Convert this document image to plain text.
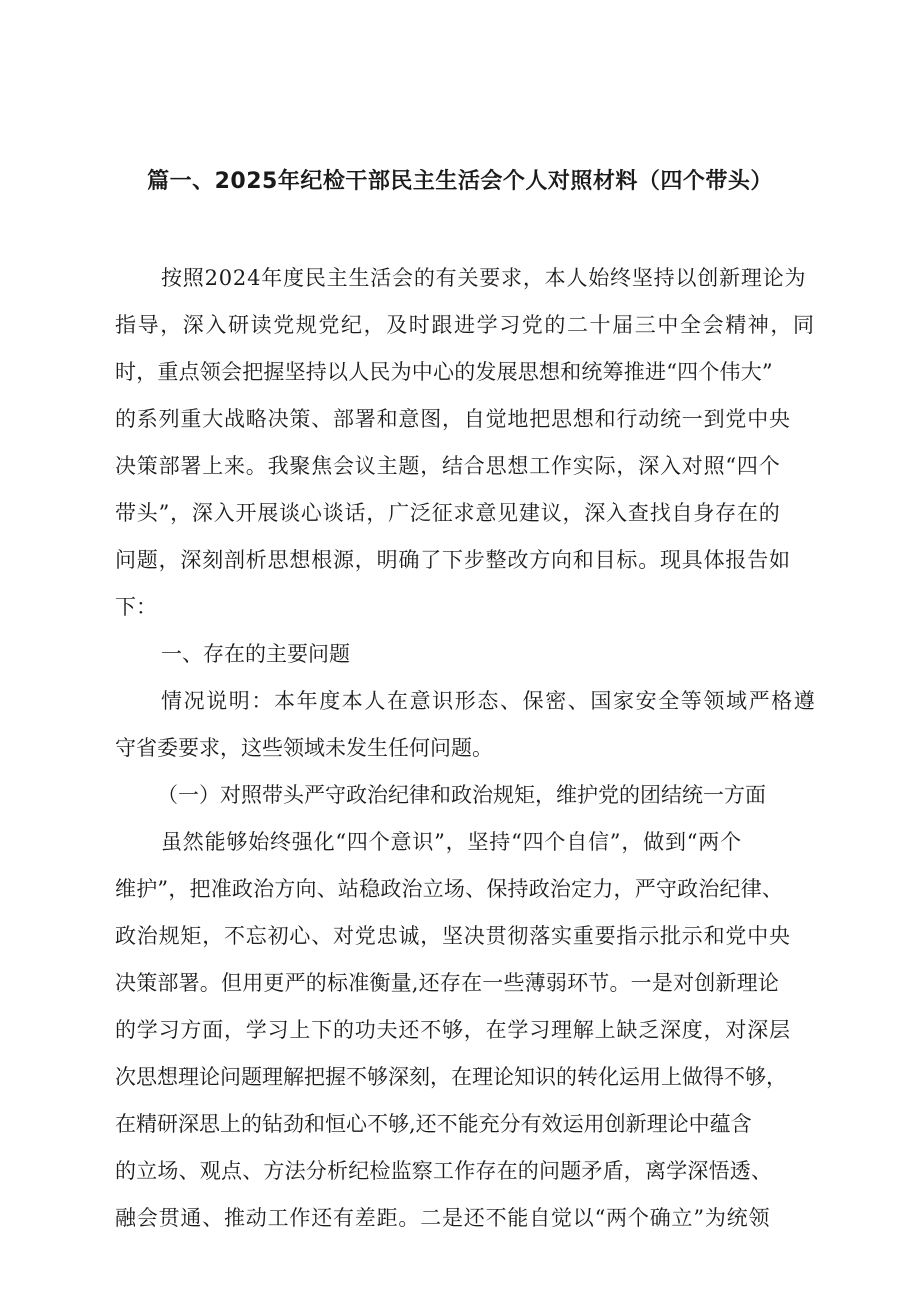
篇一、2025年纪检干部民主生活会个人对照材料（四个带头）
按照2024年度民主生活会的有关要求，本人始终坚持以创新理论为
指导，深入研读党规党纪，及时跟进学习党的二十届三中全会精神，同
时，重点领会把握坚持以人民为中心的发展思想和统筹推进“四个伟大”
的系列重大战略决策、部署和意图，自觉地把思想和行动统一到党中央
决策部署上来。我聚焦会议主题，结合思想工作实际，深入对照“四个
带头”，深入开展谈心谈话，广泛征求意见建议，深入查找自身存在的
问题，深刻剖析思想根源，明确了下步整改方向和目标。现具体报告如
下：
一、存在的主要问题
情况说明：本年度本人在意识形态、保密、国家安全等领域严格遵
守省委要求，这些领域未发生任何问题。
（一）对照带头严守政治纪律和政治规矩，维护党的团结统一方面
虽然能够始终强化“四个意识”，坚持“四个自信”，做到“两个
维护”，把准政治方向、站稳政治立场、保持政治定力，严守政治纪律、
政治规矩，不忘初心、对党忠诚，坚决贯彻落实重要指示批示和党中央
决策部署。但用更严的标准衡量,还存在一些薄弱环节。一是对创新理论
的学习方面，学习上下的功夫还不够，在学习理解上缺乏深度，对深层
次思想理论问题理解把握不够深刻，在理论知识的转化运用上做得不够，
在精研深思上的钻劲和恒心不够,还不能充分有效运用创新理论中蕴含
的立场、观点、方法分析纪检监察工作存在的问题矛盾，离学深悟透、
融会贯通、推动工作还有差距。二是还不能自觉以“两个确立”为统领
